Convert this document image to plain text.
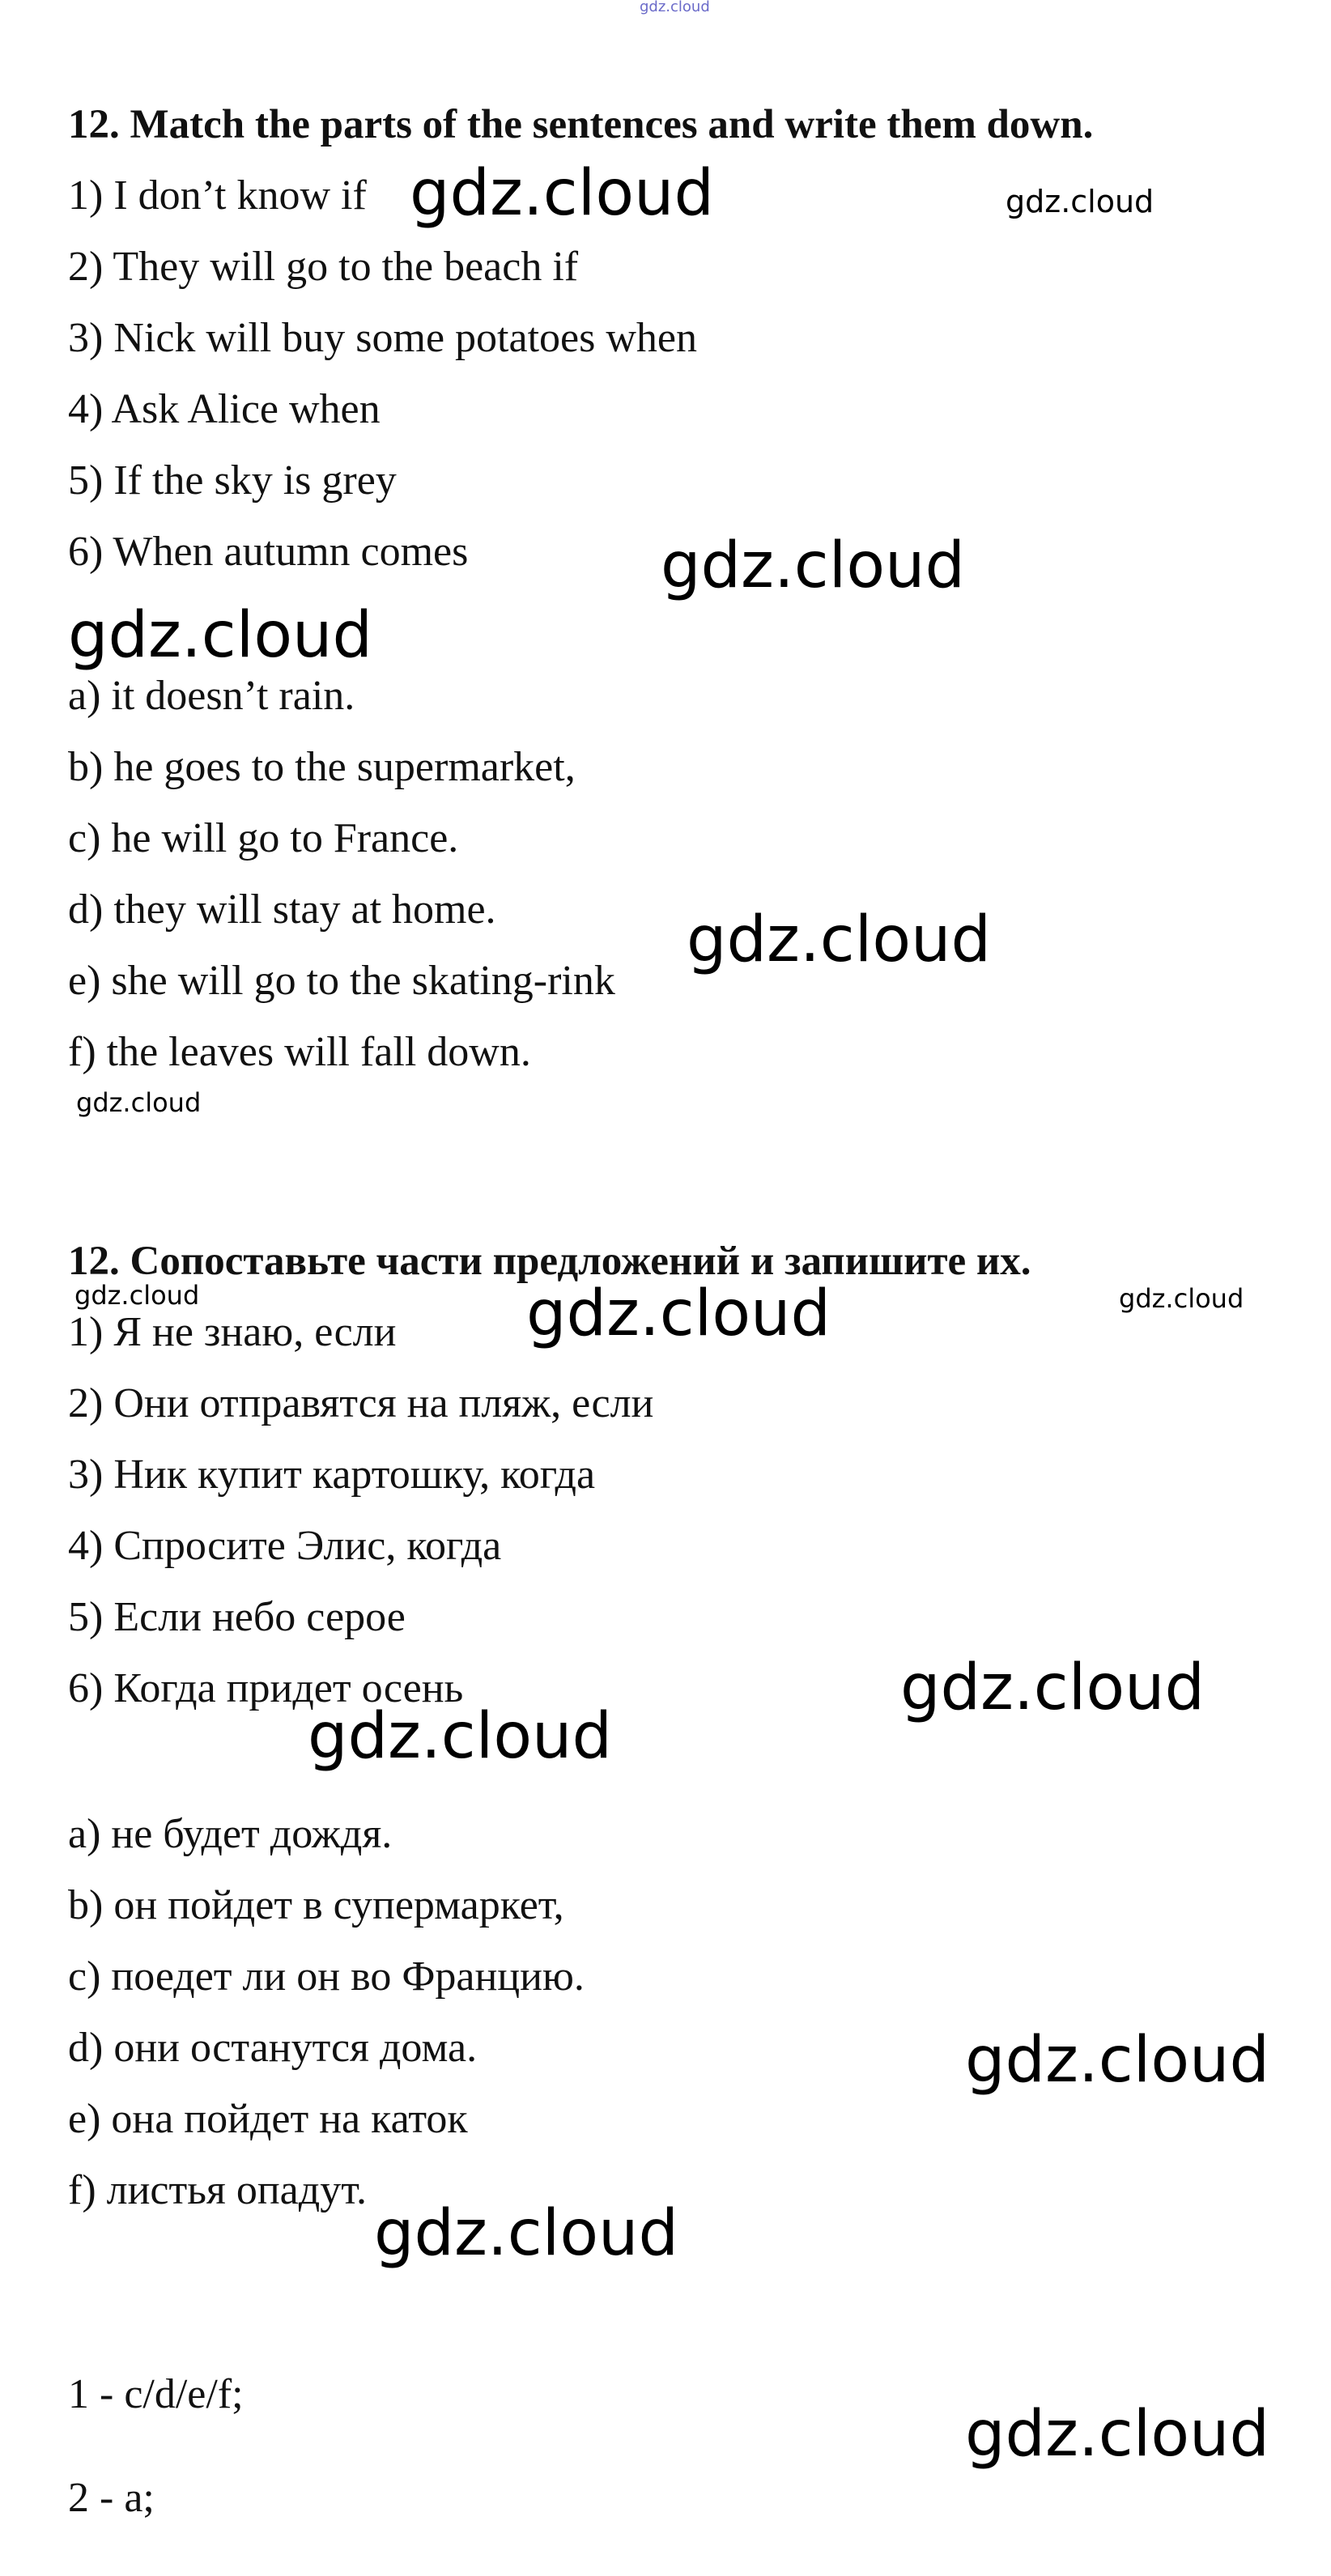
gdz.cloud
12. Match the parts of the sentences and write them down.
1) I don’t know if
2) They will go to the beach if
3) Nick will buy some potatoes when
4) Ask Alice when
5) If the sky is grey
6) When autumn comes
a) it doesn’t rain.
b) he goes to the supermarket,
c) he will go to France.
d) they will stay at home.
e) she will go to the skating-rink
f) the leaves will fall down.
12. Сопоставьте части предложений и запишите их.
1) Я не знаю, если
2) Они отправятся на пляж, если
3) Ник купит картошку, когда
4) Спросите Элис, когда
5) Если небо серое
6) Когда придет осень
a) не будет дождя.
b) он пойдет в супермаркет,
c) поедет ли он во Францию.
d) они останутся дома.
e) она пойдет на каток
f) листья опадут.
1 - c/d/e/f;
2 - a;
gdz.cloud	gdz.cloud
gdz.cloud
gdz.cloud
gdz.cloud
gdz.cloud
gdz.cloud	gdz.cloud
gdz.cloud
gdz.cloud
gdz.cloud
gdz.cloud
gdz.cloud
gdz.cloud
